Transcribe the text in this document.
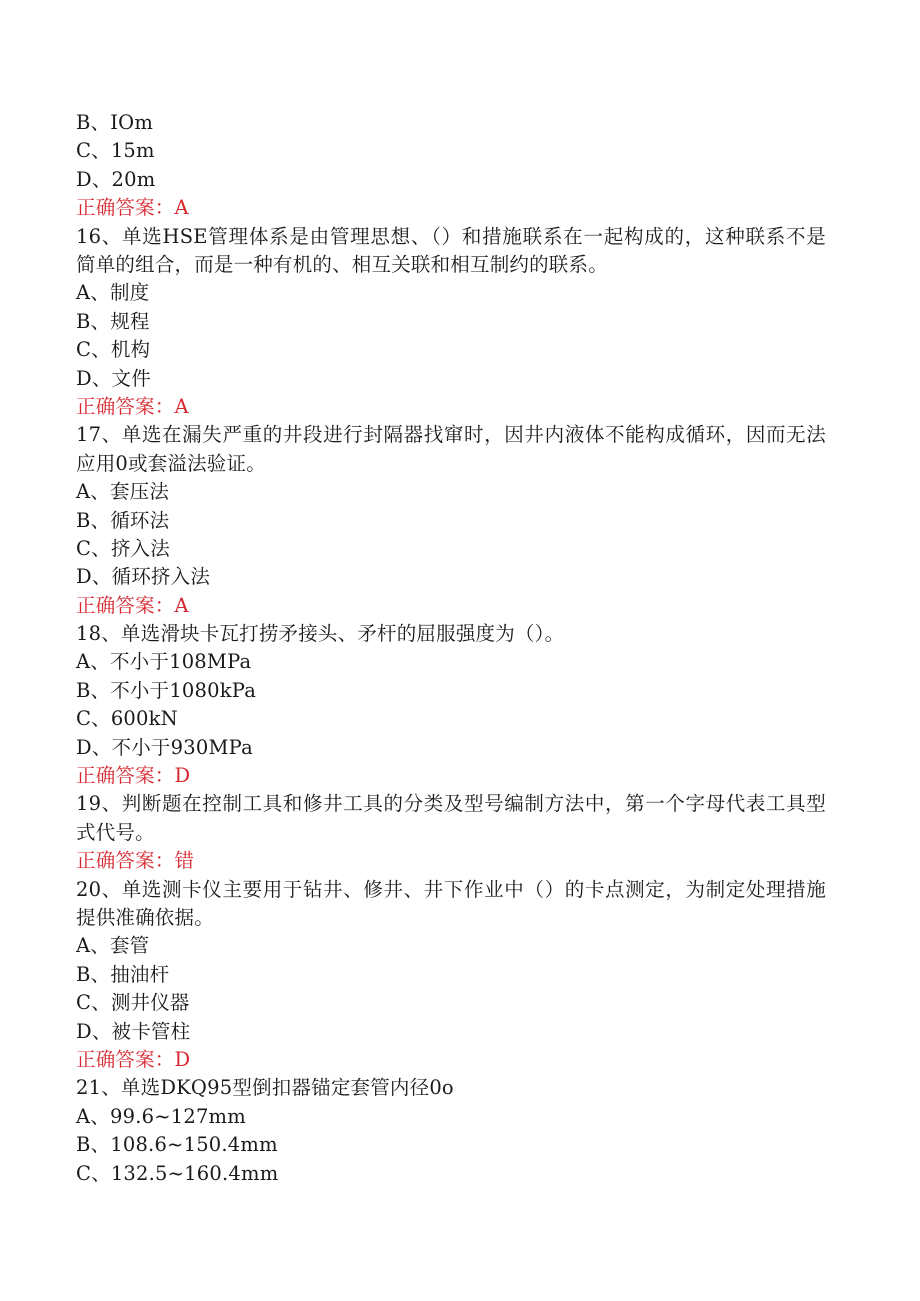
B、IOm
C、15m
D、20m
正确答案：A
16、单选HSE管理体系是由管理思想、（）和措施联系在一起构成的，这种联系不是简单的组合，而是一种有机的、相互关联和相互制约的联系。
A、制度
B、规程
C、机构
D、文件
正确答案：A
17、单选在漏失严重的井段进行封隔器找窜时，因井内液体不能构成循环，因而无法应用0或套溢法验证。
A、套压法
B、循环法
C、挤入法
D、循环挤入法
正确答案：A
18、单选滑块卡瓦打捞矛接头、矛杆的屈服强度为（）。
A、不小于108MPa
B、不小于1080kPa
C、600kN
D、不小于930MPa
正确答案：D
19、判断题在控制工具和修井工具的分类及型号编制方法中，第一个字母代表工具型式代号。
正确答案：错
20、单选测卡仪主要用于钻井、修井、井下作业中（）的卡点测定，为制定处理措施提供准确依据。
A、套管
B、抽油杆
C、测井仪器
D、被卡管柱
正确答案：D
21、单选DKQ95型倒扣器锚定套管内径0o
A、99.6~127mm
B、108.6~150.4mm
C、132.5~160.4mm
